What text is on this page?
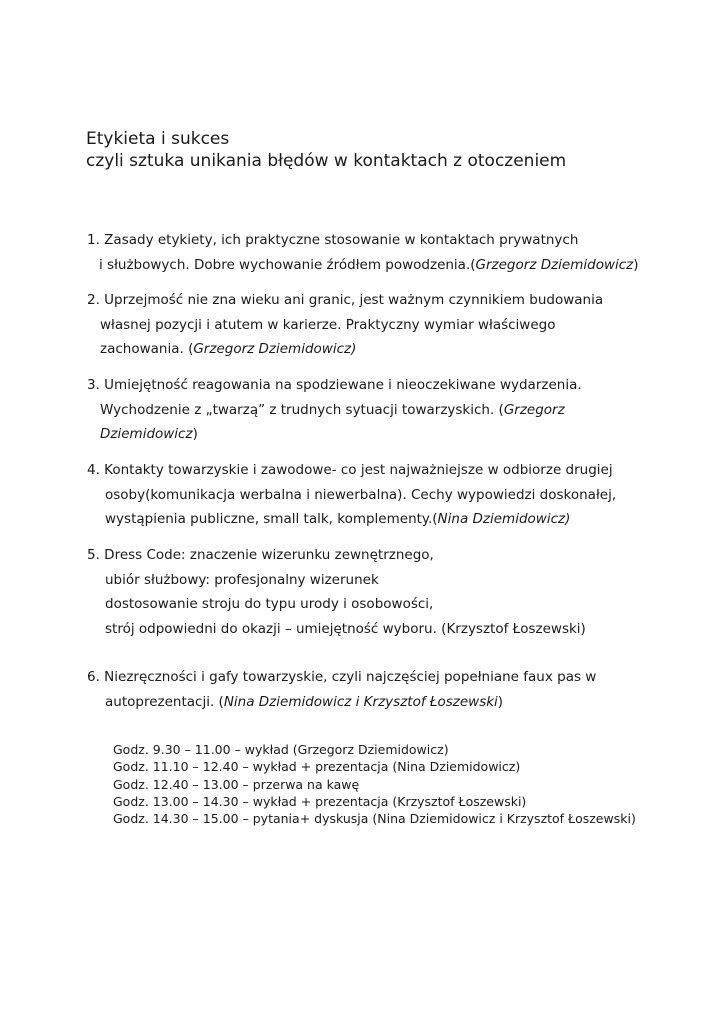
Etykieta i sukces
czyli sztuka unikania błędów w kontaktach z otoczeniem
1. Zasady etykiety, ich praktyczne stosowanie w kontaktach prywatnych
i służbowych. Dobre wychowanie źródłem powodzenia.(Grzegorz Dziemidowicz)
2. Uprzejmość nie zna wieku ani granic, jest ważnym czynnikiem budowania
własnej pozycji i atutem w karierze. Praktyczny wymiar właściwego
zachowania. (Grzegorz Dziemidowicz)
3. Umiejętność reagowania na spodziewane i nieoczekiwane wydarzenia.
Wychodzenie z „twarzą” z trudnych sytuacji towarzyskich. (Grzegorz
Dziemidowicz)
4. Kontakty towarzyskie i zawodowe- co jest najważniejsze w odbiorze drugiej
osoby(komunikacja werbalna i niewerbalna). Cechy wypowiedzi doskonałej,
wystąpienia publiczne, small talk, komplementy.(Nina Dziemidowicz)
5. Dress Code: znaczenie wizerunku zewnętrznego,
ubiór służbowy: profesjonalny wizerunek
dostosowanie stroju do typu urody i osobowości,
strój odpowiedni do okazji – umiejętność wyboru. (Krzysztof Łoszewski)
6. Niezręczności i gafy towarzyskie, czyli najczęściej popełniane faux pas w
autoprezentacji. (Nina Dziemidowicz i Krzysztof Łoszewski)
Godz. 9.30 – 11.00 – wykład (Grzegorz Dziemidowicz)
Godz. 11.10 – 12.40 – wykład + prezentacja (Nina Dziemidowicz)
Godz. 12.40 – 13.00 – przerwa na kawę
Godz. 13.00 – 14.30 – wykład + prezentacja (Krzysztof Łoszewski)
Godz. 14.30 – 15.00 – pytania+ dyskusja (Nina Dziemidowicz i Krzysztof Łoszewski)
